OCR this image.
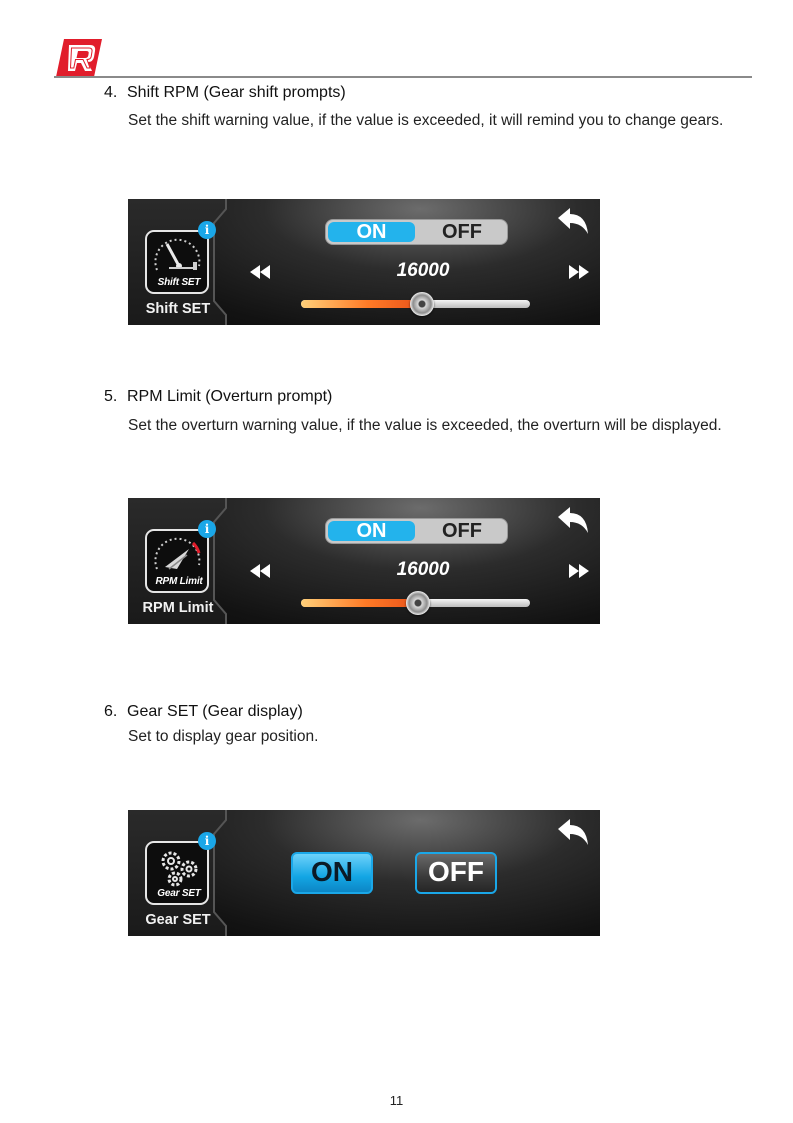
4. Shift RPM (Gear shift prompts)
Set the shift warning value, if the value is exceeded, it will remind you to change gears.
Shift SET
i
Shift SET
ON	OFF
16000
5. RPM Limit (Overturn prompt)
Set the overturn warning value, if the value is exceeded, the overturn will be displayed.
RPM Limit
i
RPM Limit
ON	OFF
16000
6. Gear SET (Gear display)
Set to display gear position.
Gear SET
i
Gear SET
ON	OFF
11
